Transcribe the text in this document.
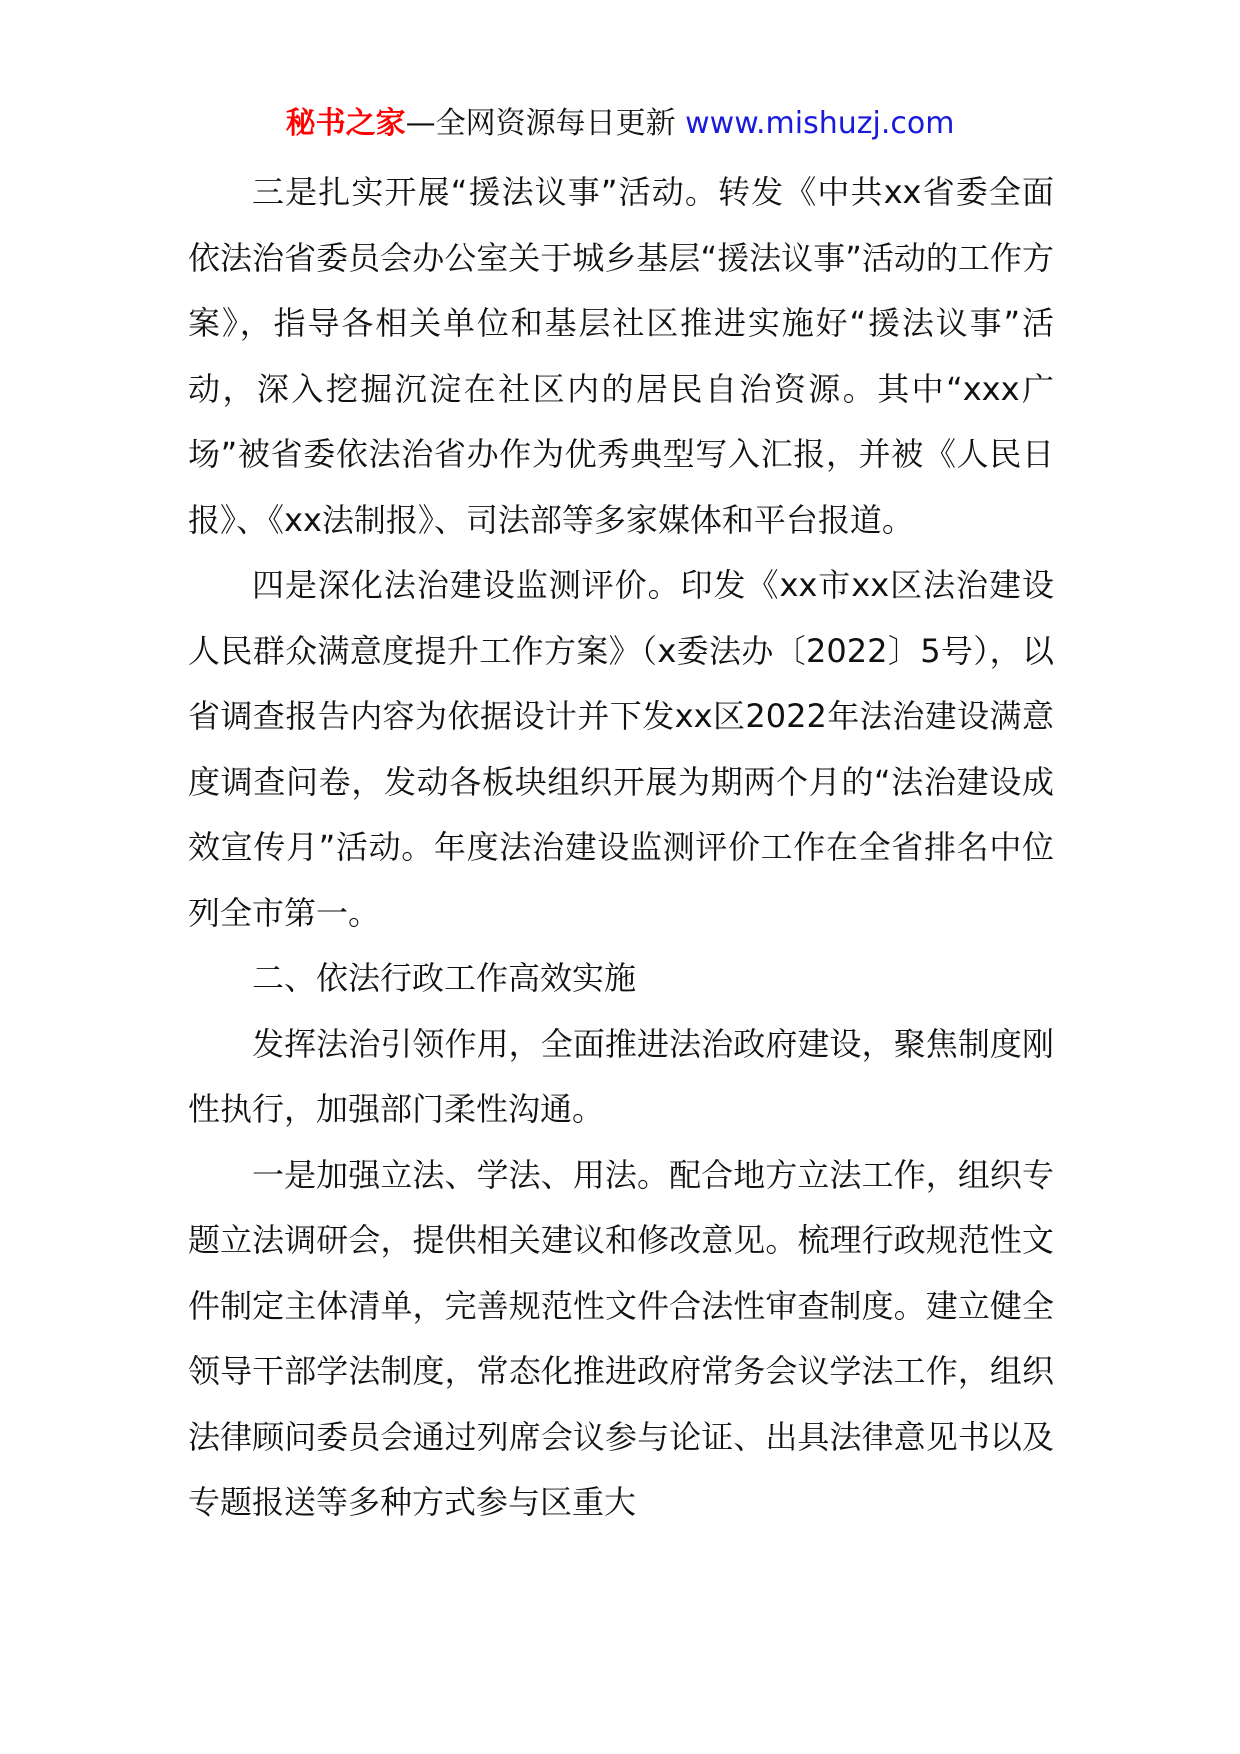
秘书之家—全网资源每日更新 www.mishuzj.com

三是扎实开展“援法议事”活动。转发《中共xx省委全面依法治省委员会办公室关于城乡基层“援法议事”活动的工作方案》，指导各相关单位和基层社区推进实施好“援法议事”活动，深入挖掘沉淀在社区内的居民自治资源。其中“xxx广场”被省委依法治省办作为优秀典型写入汇报，并被《人民日报》、《xx法制报》、司法部等多家媒体和平台报道。

四是深化法治建设监测评价。印发《xx市xx区法治建设人民群众满意度提升工作方案》（x委法办〔2022〕5号），以省调查报告内容为依据设计并下发xx区2022年法治建设满意度调查问卷，发动各板块组织开展为期两个月的“法治建设成效宣传月”活动。年度法治建设监测评价工作在全省排名中位列全市第一。

二、依法行政工作高效实施

发挥法治引领作用，全面推进法治政府建设，聚焦制度刚性执行，加强部门柔性沟通。

一是加强立法、学法、用法。配合地方立法工作，组织专题立法调研会，提供相关建议和修改意见。梳理行政规范性文件制定主体清单，完善规范性文件合法性审查制度。建立健全领导干部学法制度，常态化推进政府常务会议学法工作，组织法律顾问委员会通过列席会议参与论证、出具法律意见书以及专题报送等多种方式参与区重大
